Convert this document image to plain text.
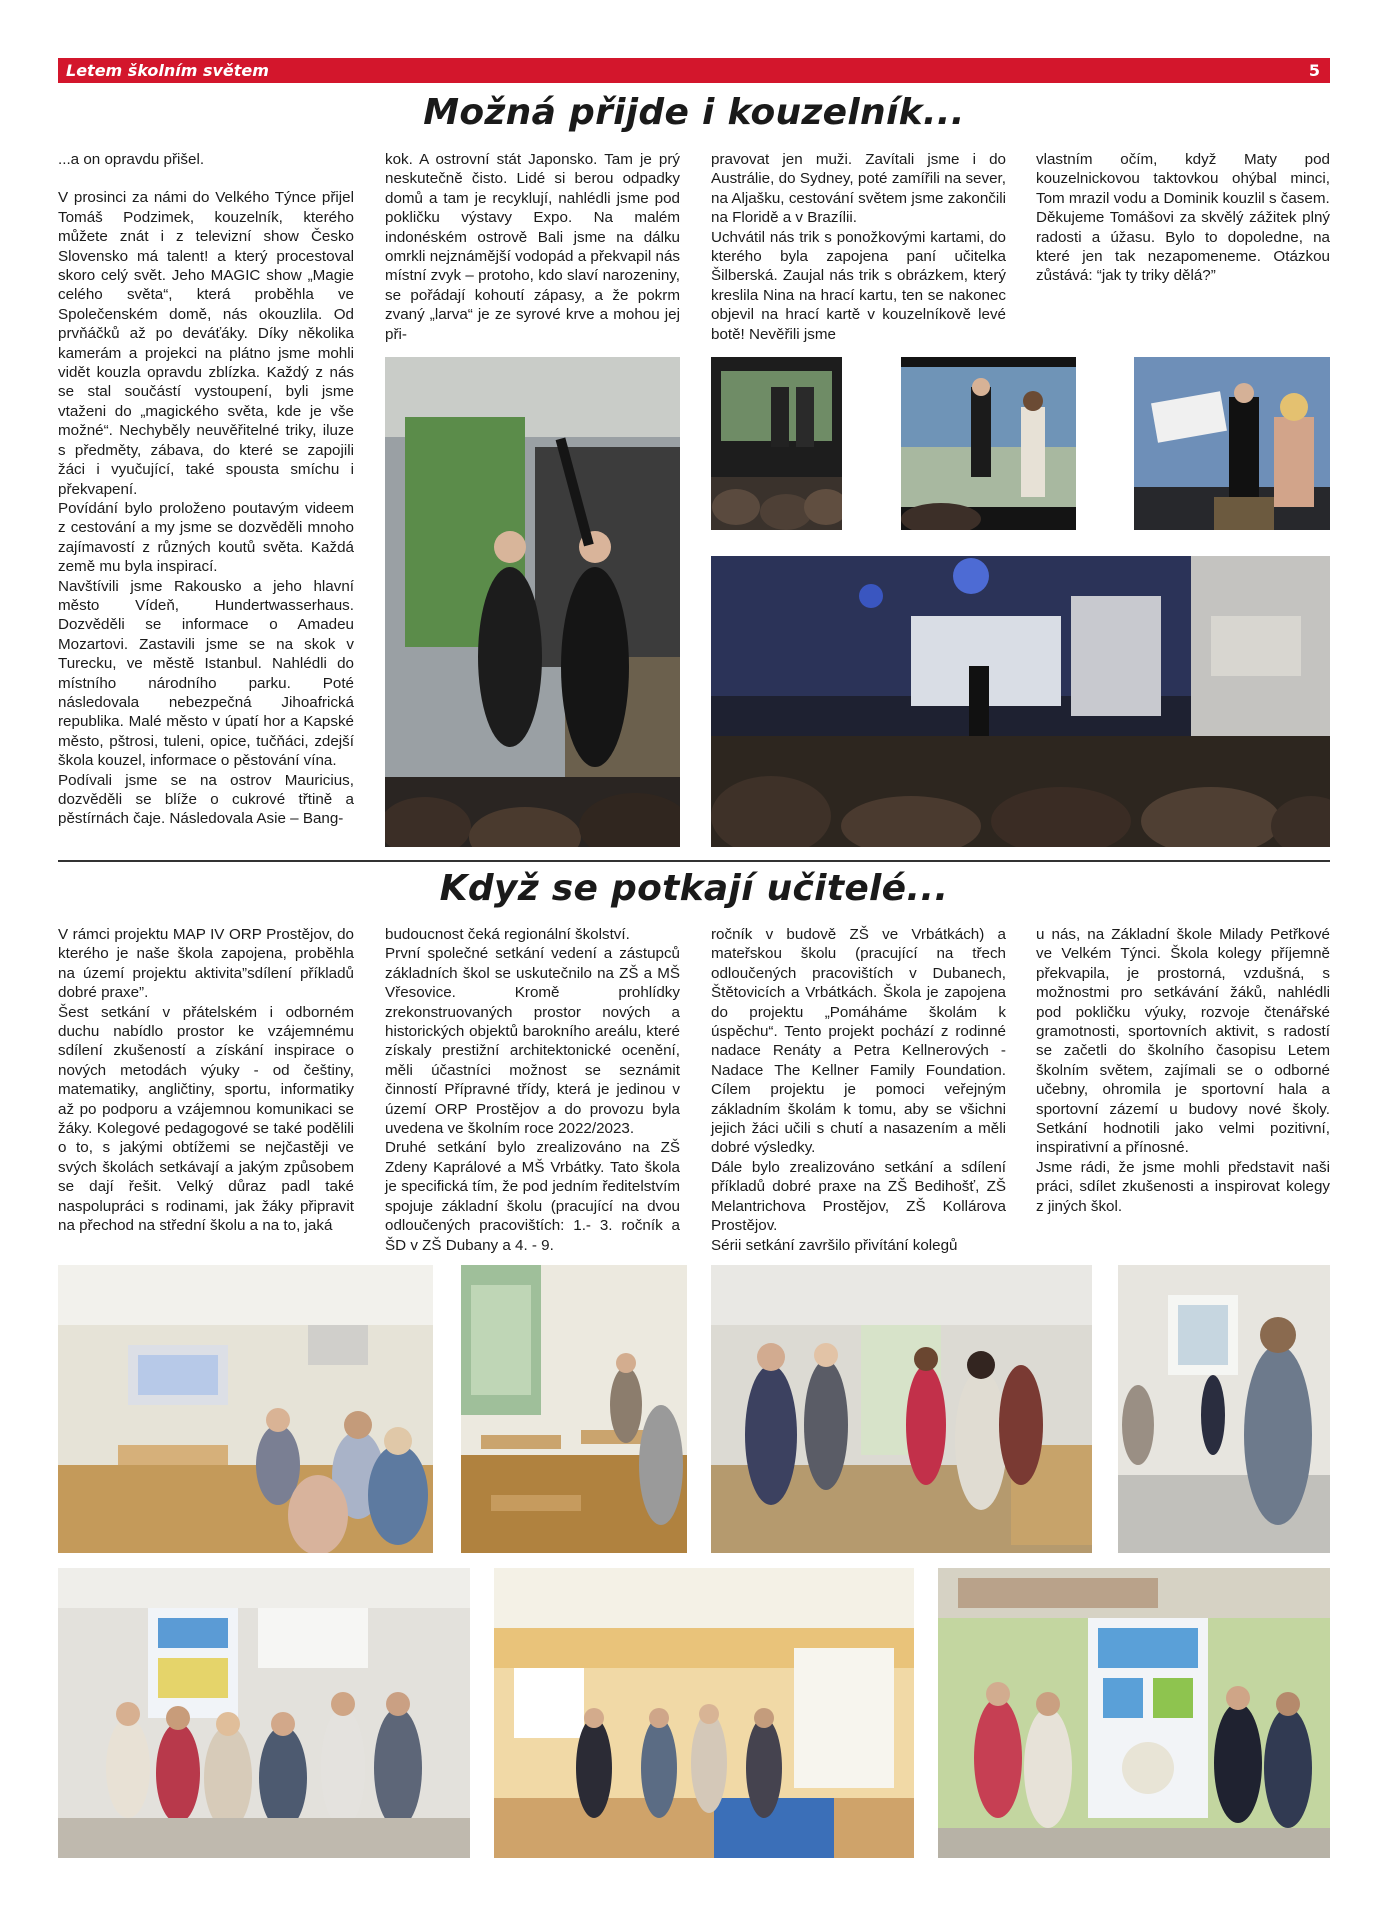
Letem školním světem	5
Možná přijde i kouzelník...

...a on opravdu přišel.

V prosinci za námi do Velkého Týnce přijel Tomáš Podzimek, kouzelník, kterého můžete znát i z televizní show Česko Slovensko má talent! a který procestoval skoro celý svět. Jeho MAGIC show „Magie celého světa“, která proběhla ve Společenském domě, nás okouzlila. Od prvňáčků až po deváťáky. Díky několika kamerám a projekci na plátno jsme mohli vidět kouzla opravdu zblízka. Každý z nás se stal součástí vystoupení, byli jsme vtaženi do „magického světa, kde je vše možné“. Nechyběly neuvěřitelné triky, iluze s předměty, zábava, do které se zapojili žáci i vyučující, také spousta smíchu i překvapení.

Povídání bylo proloženo poutavým videem z cestování a my jsme se dozvěděli mnoho zajímavostí z různých koutů světa. Každá země mu byla inspirací.

Navštívili jsme Rakousko a jeho hlavní město Vídeň, Hundertwasserhaus. Dozvěděli se informace o Amadeu Mozartovi. Zastavili jsme se na skok v Turecku, ve městě Istanbul. Nahlédli do místního národního parku. Poté následovala nebezpečná Jihoafrická republika. Malé město v úpatí hor a Kapské město, pštrosi, tuleni, opice, tučňáci, zdejší škola kouzel, informace o pěstování vína.

Podívali jsme se na ostrov Mauricius, dozvěděli se blíže o cukrové třtině a pěstírnách čaje. Následovala Asie – Bang-

kok. A ostrovní stát Japonsko. Tam je prý neskutečně čisto. Lidé si berou odpadky domů a tam je recyklují, nahlédli jsme pod pokličku výstavy Expo. Na malém indonéském ostrově Bali jsme na dálku omrkli nejznámější vodopád a překvapil nás místní zvyk – protoho, kdo slaví narozeniny, se pořádají kohoutí zápasy, a že pokrm zvaný „larva“ je ze syrové krve a mohou jej při-

pravovat jen muži. Zavítali jsme i do Austrálie, do Sydney, poté zamířili na sever, na Aljašku, cestování světem jsme zakončili na Floridě a v Brazílii.

Uchvátil nás trik s ponožkovými kartami, do kterého byla zapojena paní učitelka Šilberská. Zaujal nás trik s obrázkem, který kreslila Nina na hrací kartu, ten se nakonec objevil na hrací kartě v kouzelníkově levé botě! Nevěřili jsme

vlastním očím, když Maty pod kouzelnickovou taktovkou ohýbal minci, Tom mrazil vodu a Dominik kouzlil s časem.

Děkujeme Tomášovi za skvělý zážitek plný radosti a úžasu. Bylo to dopoledne, na které jen tak nezapomeneme. Otázkou zůstává: “jak ty triky dělá?”

Když se potkají učitelé...

V rámci projektu MAP IV ORP Prostějov, do kterého je naše škola zapojena, proběhla na území projektu aktivita”sdílení příkladů dobré praxe”.

Šest setkání v přátelském i odborném duchu nabídlo prostor ke vzájemnému sdílení zkušeností a získání inspirace o nových metodách výuky - od češtiny, matematiky, angličtiny, sportu, informatiky až po podporu a vzájemnou komunikaci se žáky. Kolegové pedagogové se také podělili o to, s jakými obtížemi se nejčastěji ve svých školách setkávají a jakým způsobem se dají řešit. Velký důraz padl také naspolupráci s rodinami, jak žáky připravit na přechod na střední školu a na to, jaká

budoucnost čeká regionální školství.

První společné setkání vedení a zástupců základních škol se uskutečnilo na ZŠ a MŠ Vřesovice. Kromě prohlídky zrekonstruovaných prostor nových a historických objektů barokního areálu, které získaly prestižní architektonické ocenění, měli účastníci možnost se seznámit činností Přípravné třídy, která je jedinou v území ORP Prostějov a do provozu byla uvedena ve školním roce 2022/2023.

Druhé setkání bylo zrealizováno na ZŠ Zdeny Kaprálové a MŠ Vrbátky. Tato škola je specifická tím, že pod jedním ředitelstvím spojuje základní školu (pracující na dvou odloučených pracovištích: 1.- 3. ročník a ŠD v ZŠ Dubany a 4. - 9.

ročník v budově ZŠ ve Vrbátkách) a mateřskou školu (pracující na třech odloučených pracovištích v Dubanech, Štětovicích a Vrbátkách. Škola je zapojena do projektu „Pomáháme školám k úspěchu“. Tento projekt pochází z rodinné nadace Renáty a Petra Kellnerových - Nadace The Kellner Family Foundation. Cílem projektu je pomoci veřejným základním školám k tomu, aby se všichni jejich žáci učili s chutí a nasazením a měli dobré výsledky.

Dále bylo zrealizováno setkání a sdílení příkladů dobré praxe na ZŠ Bedihošť, ZŠ Melantrichova Prostějov, ZŠ Kollárova Prostějov.

Sérii setkání završilo přivítání kolegů

u nás, na Základní škole Milady Petřkové ve Velkém Týnci. Škola kolegy příjemně překvapila, je prostorná, vzdušná, s možnostmi pro setkávání žáků, nahlédli pod pokličku výuky, rozvoje čtenářské gramotnosti, sportovních aktivit, s radostí se začetli do školního časopisu Letem školním světem, zajímali se o odborné učebny, ohromila je sportovní hala a sportovní zázemí u budovy nové školy. Setkání hodnotili jako velmi pozitivní, inspirativní a přínosné.

Jsme rádi, že jsme mohli představit naši práci, sdílet zkušenosti a inspirovat kolegy z jiných škol.
